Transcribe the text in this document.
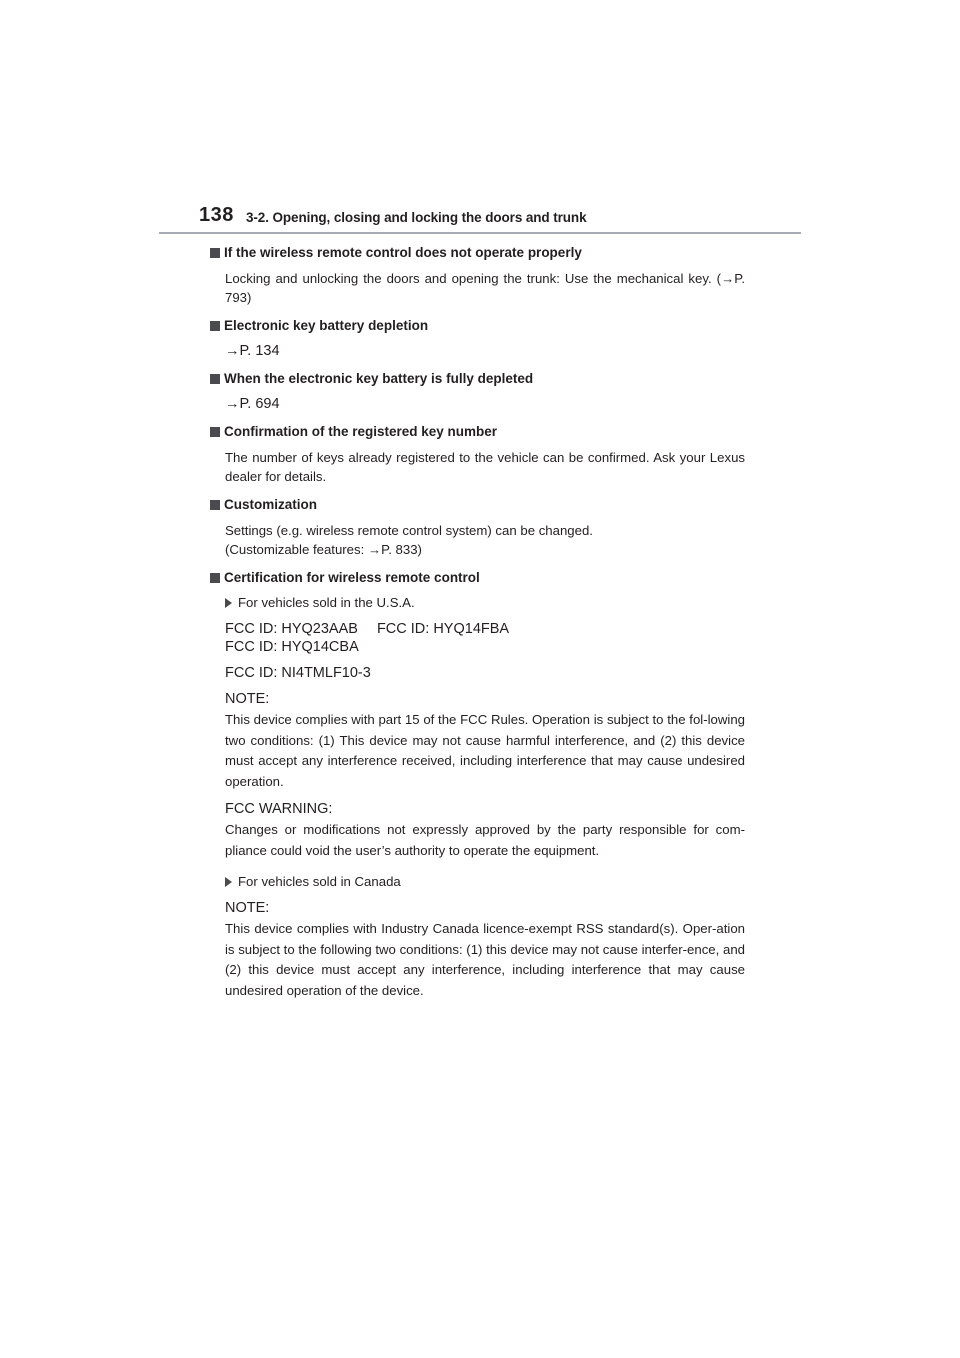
138 3-2. Opening, closing and locking the doors and trunk
If the wireless remote control does not operate properly
Locking and unlocking the doors and opening the trunk: Use the mechanical key. (→P. 793)
Electronic key battery depletion
→P. 134
When the electronic key battery is fully depleted
→P. 694
Confirmation of the registered key number
The number of keys already registered to the vehicle can be confirmed. Ask your Lexus dealer for details.
Customization
Settings (e.g. wireless remote control system) can be changed.
(Customizable features: →P. 833)
Certification for wireless remote control
For vehicles sold in the U.S.A.
FCC ID: HYQ23AAB FCC ID: HYQ14FBA
FCC ID: HYQ14CBA
FCC ID: NI4TMLF10-3
NOTE:
This device complies with part 15 of the FCC Rules. Operation is subject to the fol-lowing two conditions: (1) This device may not cause harmful interference, and (2) this device must accept any interference received, including interference that may cause undesired operation.
FCC WARNING:
Changes or modifications not expressly approved by the party responsible for com-pliance could void the user’s authority to operate the equipment.
For vehicles sold in Canada
NOTE:
This device complies with Industry Canada licence-exempt RSS standard(s). Oper-ation is subject to the following two conditions: (1) this device may not cause interfer-ence, and (2) this device must accept any interference, including interference that may cause undesired operation of the device.
